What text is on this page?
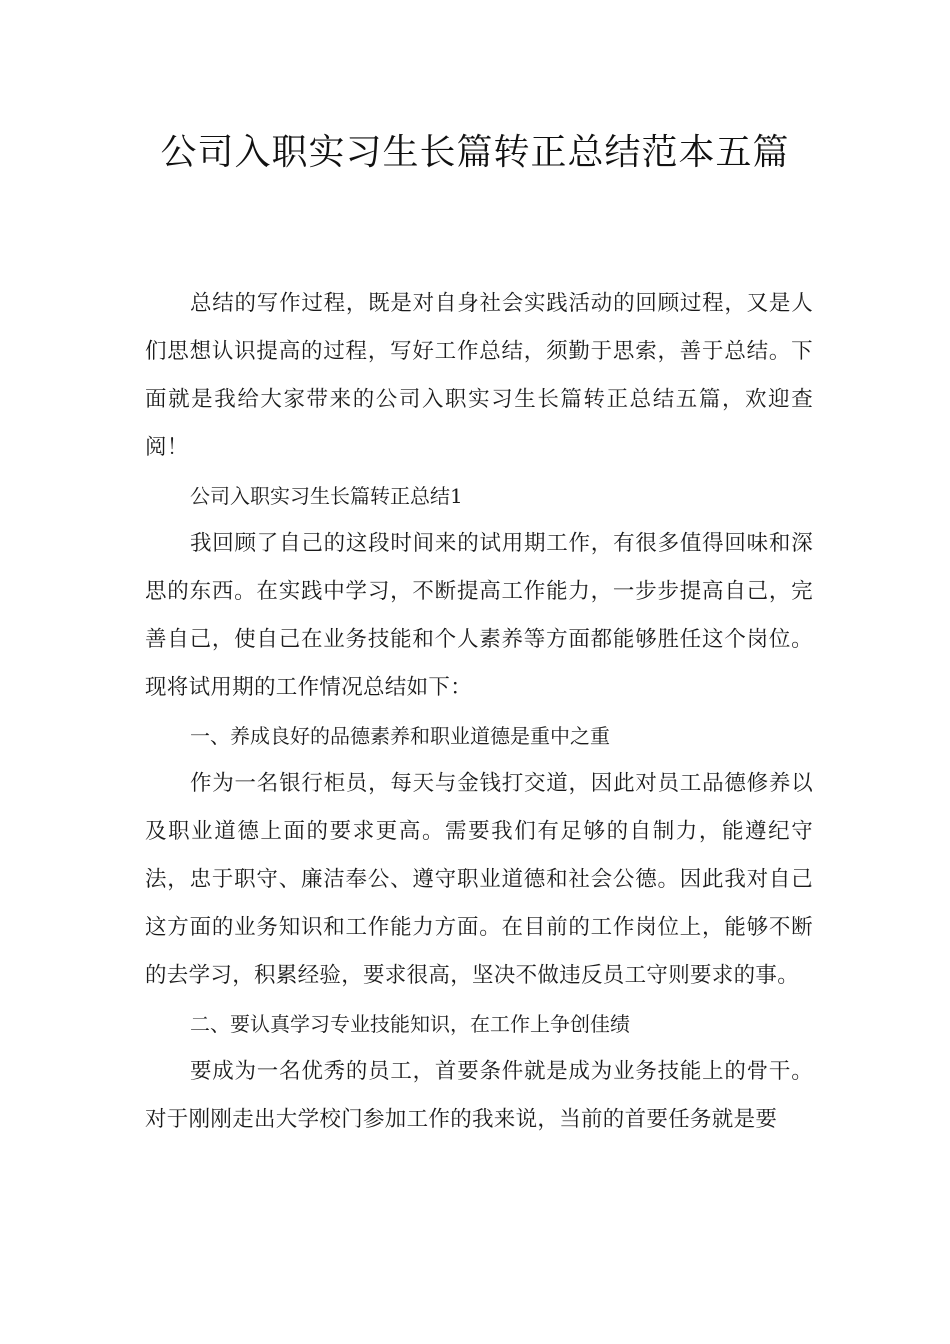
公司入职实习生长篇转正总结范本五篇

总结的写作过程，既是对自身社会实践活动的回顾过程，又是人们思想认识提高的过程，写好工作总结，须勤于思索，善于总结。下面就是我给大家带来的公司入职实习生长篇转正总结五篇，欢迎查阅！

公司入职实习生长篇转正总结1

我回顾了自己的这段时间来的试用期工作，有很多值得回味和深思的东西。在实践中学习，不断提高工作能力，一步步提高自己，完善自己，使自己在业务技能和个人素养等方面都能够胜任这个岗位。现将试用期的工作情况总结如下：

一、养成良好的品德素养和职业道德是重中之重

作为一名银行柜员，每天与金钱打交道，因此对员工品德修养以及职业道德上面的要求更高。需要我们有足够的自制力，能遵纪守法，忠于职守、廉洁奉公、遵守职业道德和社会公德。因此我对自己这方面的业务知识和工作能力方面。在目前的工作岗位上，能够不断的去学习，积累经验，要求很高，坚决不做违反员工守则要求的事。

二、要认真学习专业技能知识，在工作上争创佳绩

要成为一名优秀的员工，首要条件就是成为业务技能上的骨干。对于刚刚走出大学校门参加工作的我来说，当前的首要任务就是要
